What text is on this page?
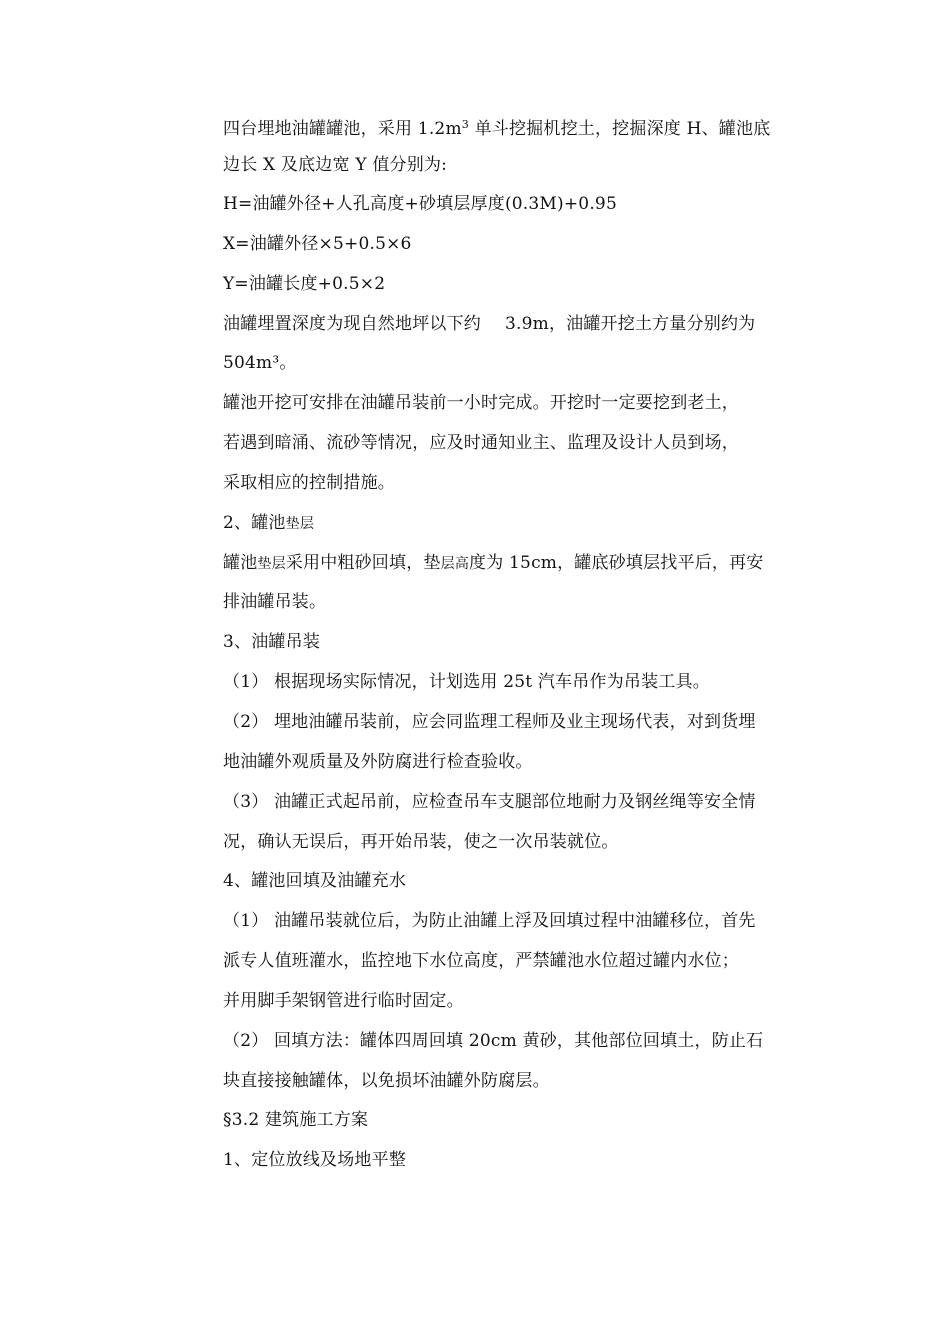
四台埋地油罐罐池，采用 $1.2m^3$ 单斗挖掘机挖土，挖掘深度 H、罐池底
边长 X 及底边宽 Y 值分别为:
H=油罐外径+人孔高度+砂填层厚度(0.3M)+0.95
X=油罐外径×5+0.5×6
Y=油罐长度+0.5×2
油罐埋置深度为现自然地坪以下约 3.9m，油罐开挖土方量分别约为
504m³。
罐池开挖可安排在油罐吊装前一小时完成。开挖时一定要挖到老土，
若遇到暗涌、流砂等情况，应及时通知业主、监理及设计人员到场，
采取相应的控制措施。
2、罐池垫层
罐池垫层采用中粗砂回填，垫层高度为 15cm，罐底砂填层找平后，再安
排油罐吊装。
3、油罐吊装
（1） 根据现场实际情况，计划选用 25t 汽车吊作为吊装工具。
（2） 埋地油罐吊装前，应会同监理工程师及业主现场代表，对到货埋
地油罐外观质量及外防腐进行检查验收。
（3） 油罐正式起吊前，应检查吊车支腿部位地耐力及钢丝绳等安全情
况，确认无误后，再开始吊装，使之一次吊装就位。
4、罐池回填及油罐充水
（1） 油罐吊装就位后，为防止油罐上浮及回填过程中油罐移位，首先
派专人值班灌水，监控地下水位高度，严禁罐池水位超过罐内水位；
并用脚手架钢管进行临时固定。
（2） 回填方法：罐体四周回填 20cm 黄砂，其他部位回填土，防止石
块直接接触罐体，以免损坏油罐外防腐层。
§3.2 建筑施工方案
1、定位放线及场地平整
